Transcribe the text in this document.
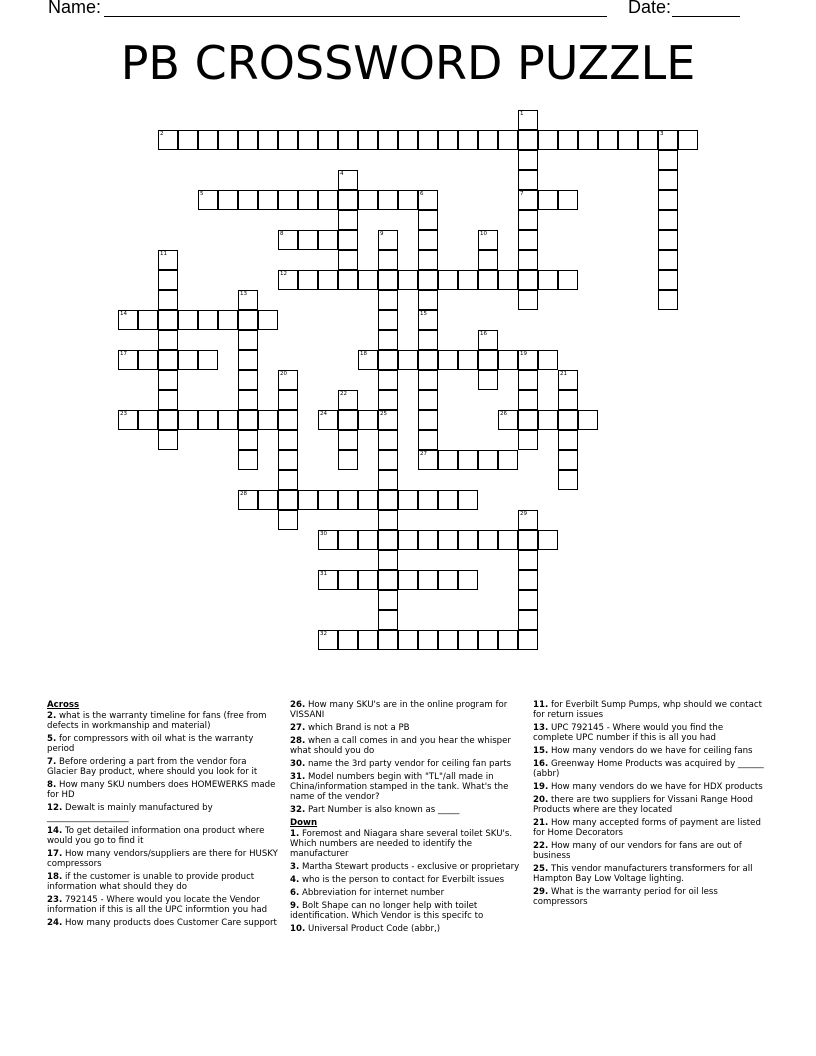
Name:	Date:
PB CROSSWORD PUZZLE
2	3
5	7
8
12
14
17	18	19
23	24	25	26
27
28
30
31
32
1
4
6
9	10
11
13
15
16
20	21
22
29
Across
2. what is the warranty timeline for fans (free from defects in workmanship and material)
5. for compressors with oil what is the warranty period
7. Before ordering a part from the vendor fora Glacier Bay product, where should you look for it
8. How many SKU numbers does HOMEWERKS made for HD
12. Dewalt is mainly manufactured by ___________________
14. To get detailed information ona product where would you go to find it
17. How many vendors/suppliers are there for HUSKY compressors
18. if the customer is unable to provide product information what should they do
23. 792145 - Where would you locate the Vendor information if this is all the UPC informtion you had
24. How many products does Customer Care support
26. How many SKU's are in the online program for VISSANI
27. which Brand is not a PB
28. when a call comes in and you hear the whisper what should you do
30. name the 3rd party vendor for ceiling fan parts
31. Model numbers begin with "TL"/all made in China/information stamped in the tank. What's the name of the vendor?
32. Part Number is also known as _____
Down
1. Foremost and Niagara share several toilet SKU's. Which numbers are needed to identify the manufacturer
3. Martha Stewart products - exclusive or proprietary
4. who is the person to contact for Everbilt issues
6. Abbreviation for internet number
9. Bolt Shape can no longer help with toilet identification. Which Vendor is this specifc to
10. Universal Product Code (abbr,)
11. for Everbilt Sump Pumps, whp should we contact for return issues
13. UPC 792145 - Where would you find the complete UPC number if this is all you had
15. How many vendors do we have for ceiling fans
16. Greenway Home Products was acquired by ______ (abbr)
19. How many vendors do we have for HDX products
20. there are two suppliers for Vissani Range Hood Products where are they located
21. How many accepted forms of payment are listed for Home Decorators
22. How many of our vendors for fans are out of business
25. This vendor manufacturers transformers for all Hampton Bay Low Voltage lighting.
29. What is the warranty period for oil less compressors
